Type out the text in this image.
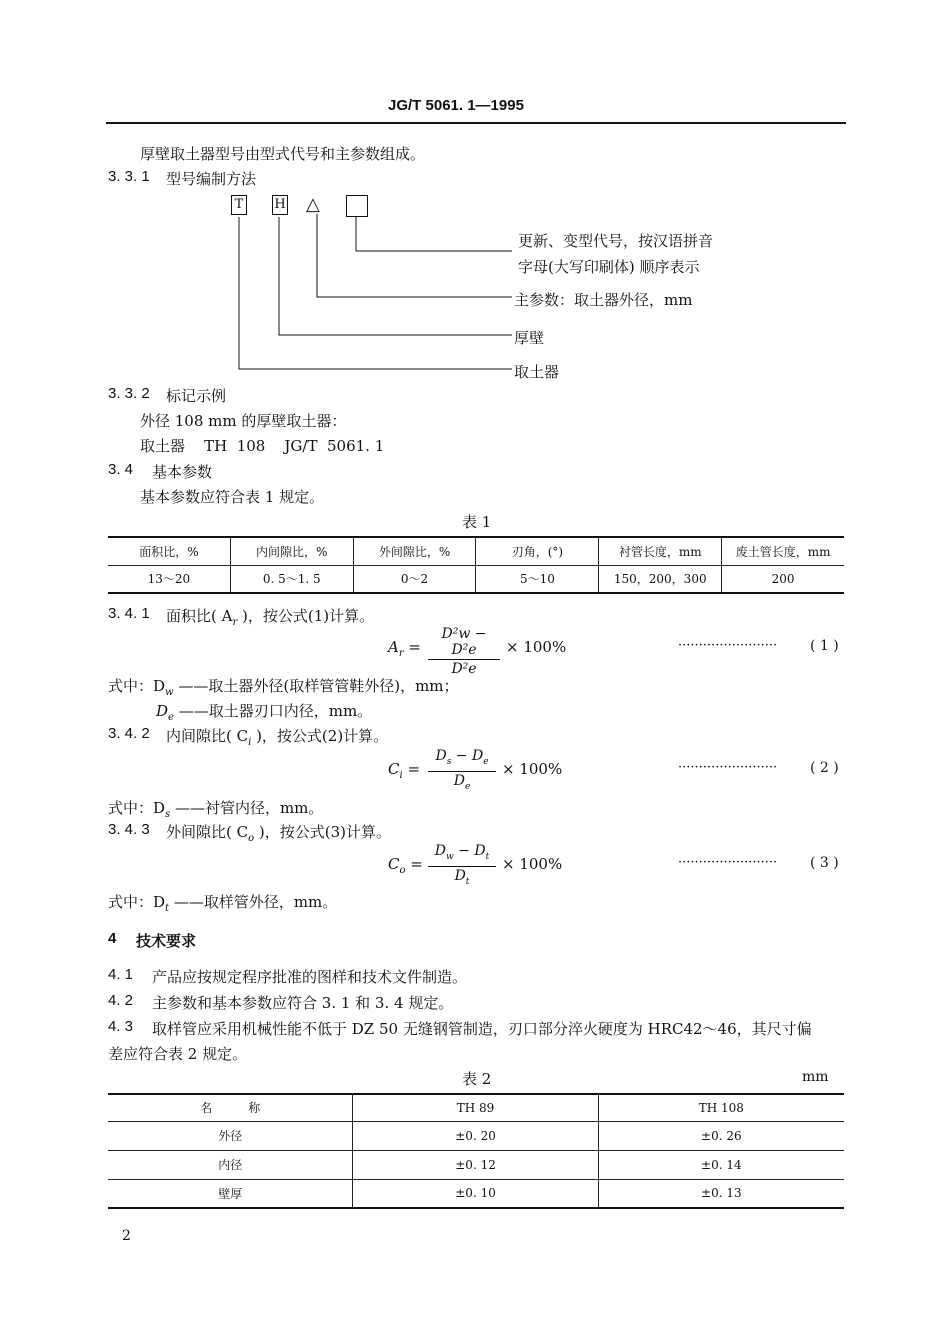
JG/T 5061. 1—1995
厚壁取土器型号由型式代号和主参数组成。
3. 3. 1 型号编制方法
T H △
更新、变型代号，按汉语拼音
字母(大写印刷体) 顺序表示
主参数：取土器外径，mm
厚壁
取土器
3. 3. 2 标记示例
外径 108 mm 的厚壁取土器：
取土器    TH  108    JG/T  5061. 1
3. 4 基本参数
基本参数应符合表 1 规定。
表 1
面积比，%	内间隙比，%	外间隙比，%	刃角，(°)	衬管长度，mm	废土管长度，mm
13～20	0. 5～1. 5	0～2	5～10	150，200，300	200
3. 4. 1 面积比( $A_r$ )，按公式(1)计算。
$A_r$ =
D²w − D²e
D²e
× 100%	························ ( 1 )
式中：$D_w$ ——取土器外径(取样管管鞋外径)，mm；
$D_e$ ——取土器刃口内径，mm。
3. 4. 2 内间隙比( $C_i$ )，按公式(2)计算。
$C_i$ =
$D_s - D_e$
$D_e$
× 100%	························ ( 2 )
式中：$D_s$ ——衬管内径，mm。
3. 4. 3 外间隙比( $C_o$ )，按公式(3)计算。
$C_o$ =
$D_w - D_t$
$D_t$
× 100%	························ ( 3 )
式中：$D_t$ ——取样管外径，mm。
4 技术要求
4. 1 产品应按规定程序批准的图样和技术文件制造。
4. 2 主参数和基本参数应符合 3. 1 和 3. 4 规定。
4. 3 取样管应采用机械性能不低于 DZ 50 无缝钢管制造，刃口部分淬火硬度为 HRC42～46，其尺寸偏
差应符合表 2 规定。
表 2	mm
名　　　称	TH 89	TH 108
外径	±0. 20	±0. 26
内径	±0. 12	±0. 14
壁厚	±0. 10	±0. 13
2
